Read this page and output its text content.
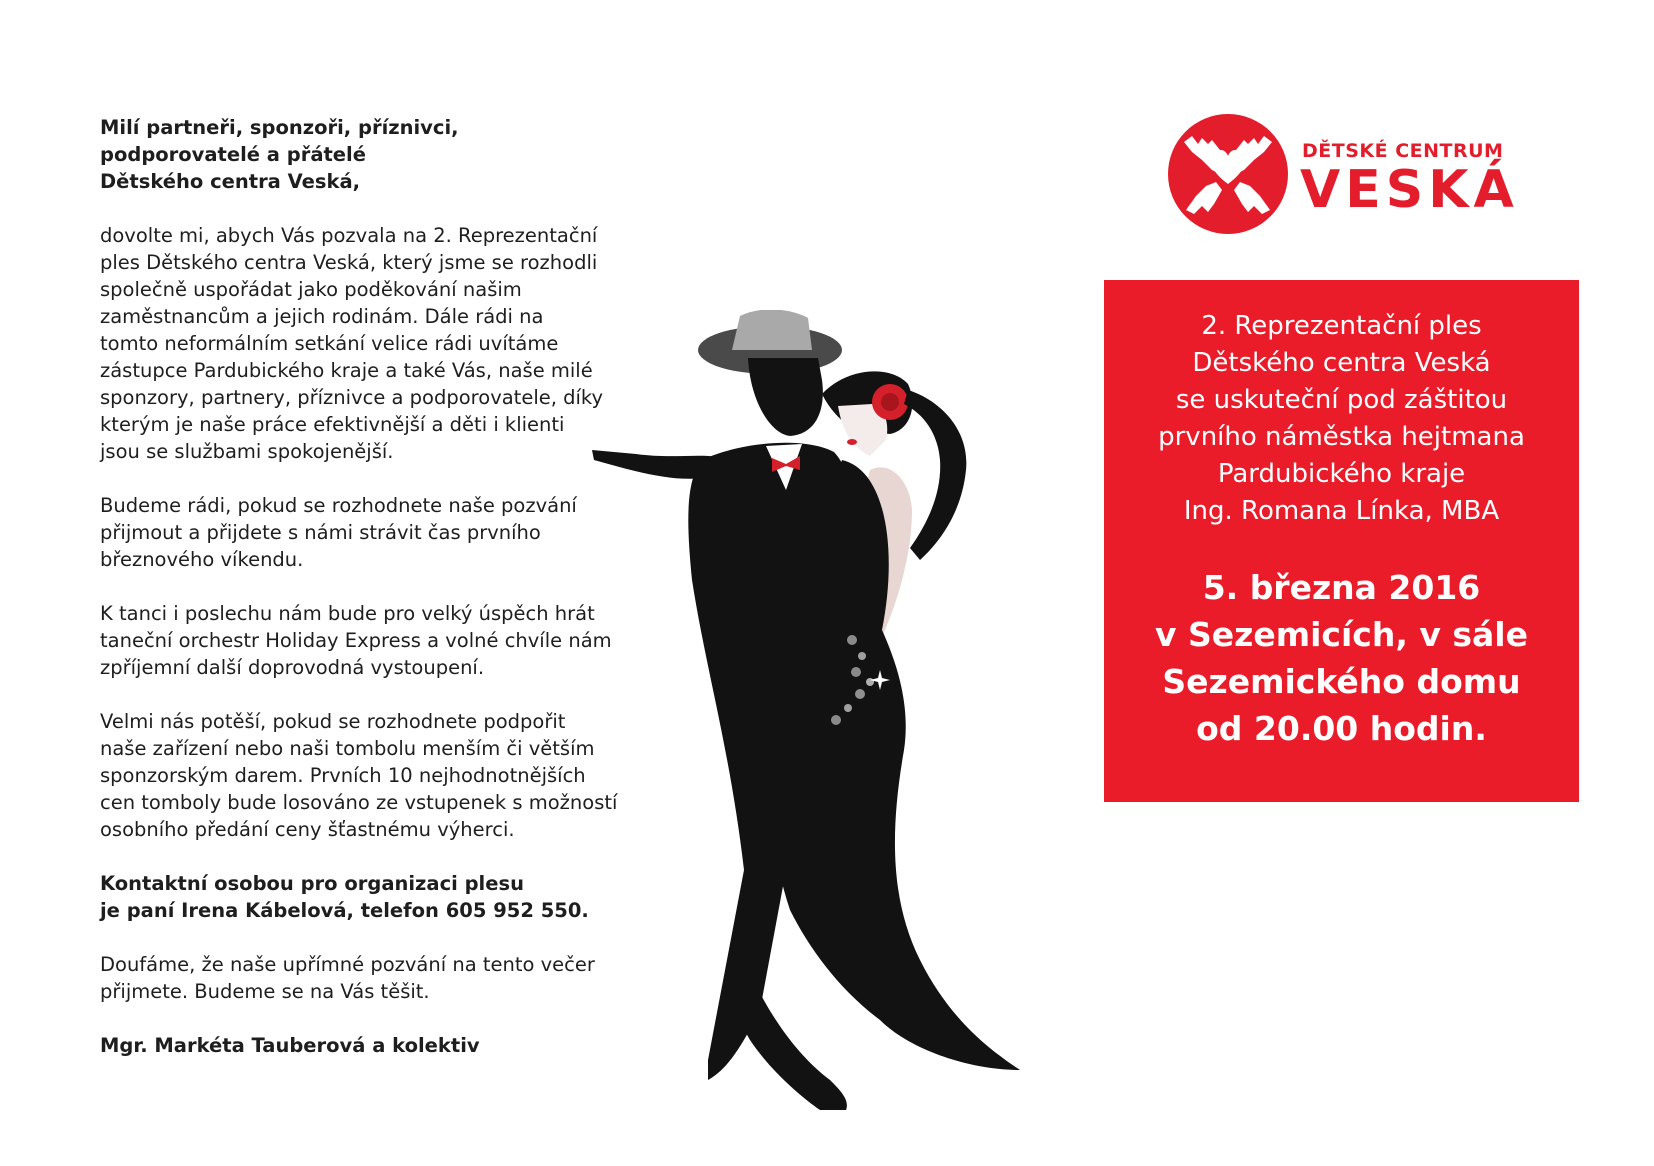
Milí partneři, sponzoři, příznivci,
podporovatelé a přátelé
Dětského centra Veská,

dovolte mi, abych Vás pozvala na 2. Reprezentační
ples Dětského centra Veská, který jsme se rozhodli
společně uspořádat jako poděkování našim
zaměstnancům a jejich rodinám. Dále rádi na
tomto neformálním setkání velice rádi uvítáme
zástupce Pardubického kraje a také Vás, naše milé
sponzory, partnery, příznivce a podporovatele, díky
kterým je naše práce efektivnější a děti i klienti
jsou se službami spokojenější.

Budeme rádi, pokud se rozhodnete naše pozvání
přijmout a přijdete s námi strávit čas prvního
březnového víkendu.

K tanci i poslechu nám bude pro velký úspěch hrát
taneční orchestr Holiday Express a volné chvíle nám
zpříjemní další doprovodná vystoupení.

Velmi nás potěší, pokud se rozhodnete podpořit
naše zařízení nebo naši tombolu menším či větším
sponzorským darem. Prvních 10 nejhodnotnějších
cen tomboly bude losováno ze vstupenek s možností
osobního předání ceny šťastnému výherci.

Kontaktní osobou pro organizaci plesu
je paní Irena Kábelová, telefon 605 952 550.

Doufáme, že naše upřímné pozvání na tento večer
přijmete. Budeme se na Vás těšit.

Mgr. Markéta Tauberová a kolektiv

DĚTSKÉ CENTRUM
VESKÁ
2. Reprezentační ples
Dětského centra Veská
se uskuteční pod záštitou
prvního náměstka hejtmana
Pardubického kraje
Ing. Romana Línka, MBA
5. března 2016
v Sezemicích, v sále
Sezemického domu
od 20.00 hodin.
